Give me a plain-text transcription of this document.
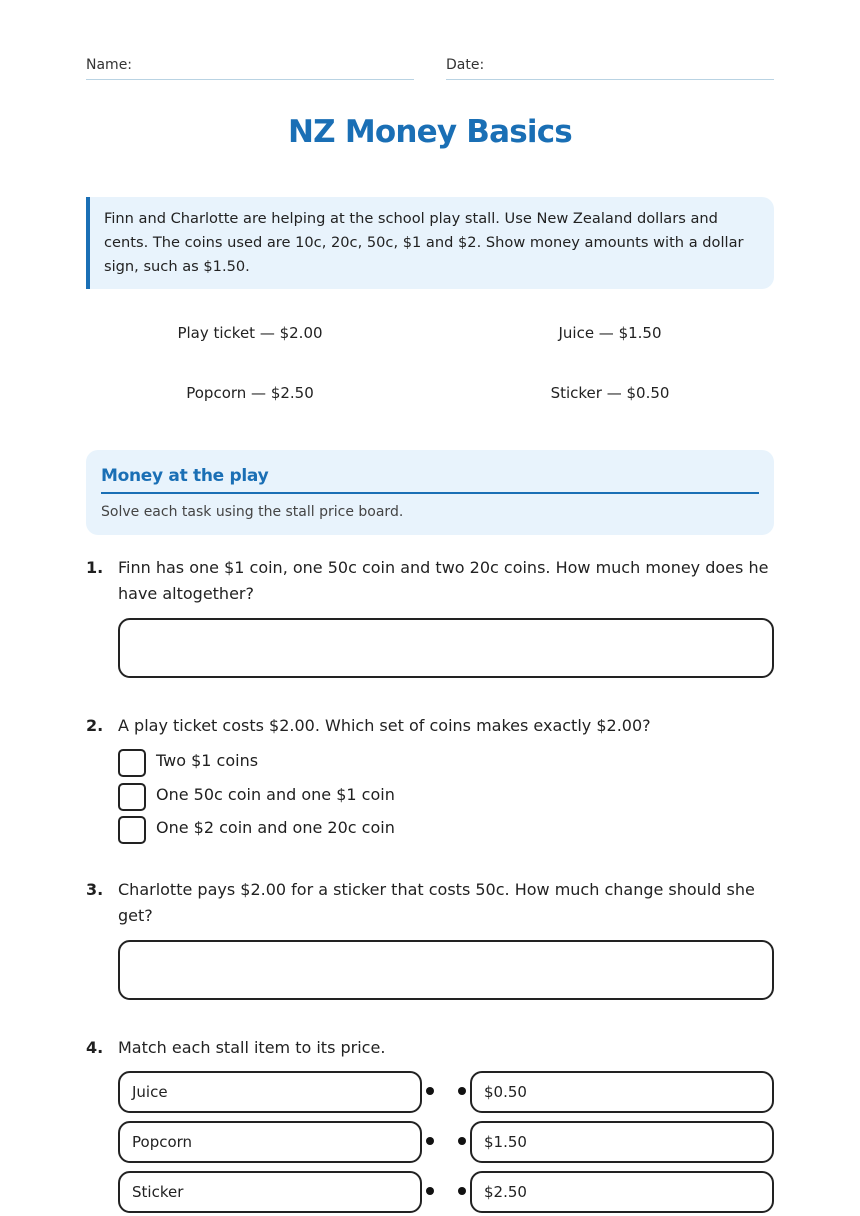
Name:	Date:
NZ Money Basics
Finn and Charlotte are helping at the school play stall. Use New Zealand dollars and cents. The coins used are 10c, 20c, 50c, $1 and $2. Show money amounts with a dollar sign, such as $1.50.
Play ticket — $2.00	Juice — $1.50
Popcorn — $2.50	Sticker — $0.50
Money at the play
Solve each task using the stall price board.
1. Finn has one $1 coin, one 50c coin and two 20c coins. How much money does he have altogether?
2. A play ticket costs $2.00. Which set of coins makes exactly $2.00?
Two $1 coins
One 50c coin and one $1 coin
One $2 coin and one 20c coin
3. Charlotte pays $2.00 for a sticker that costs 50c. How much change should she get?
4. Match each stall item to its price.
Juice	$0.50
Popcorn	$1.50
Sticker	$2.50
